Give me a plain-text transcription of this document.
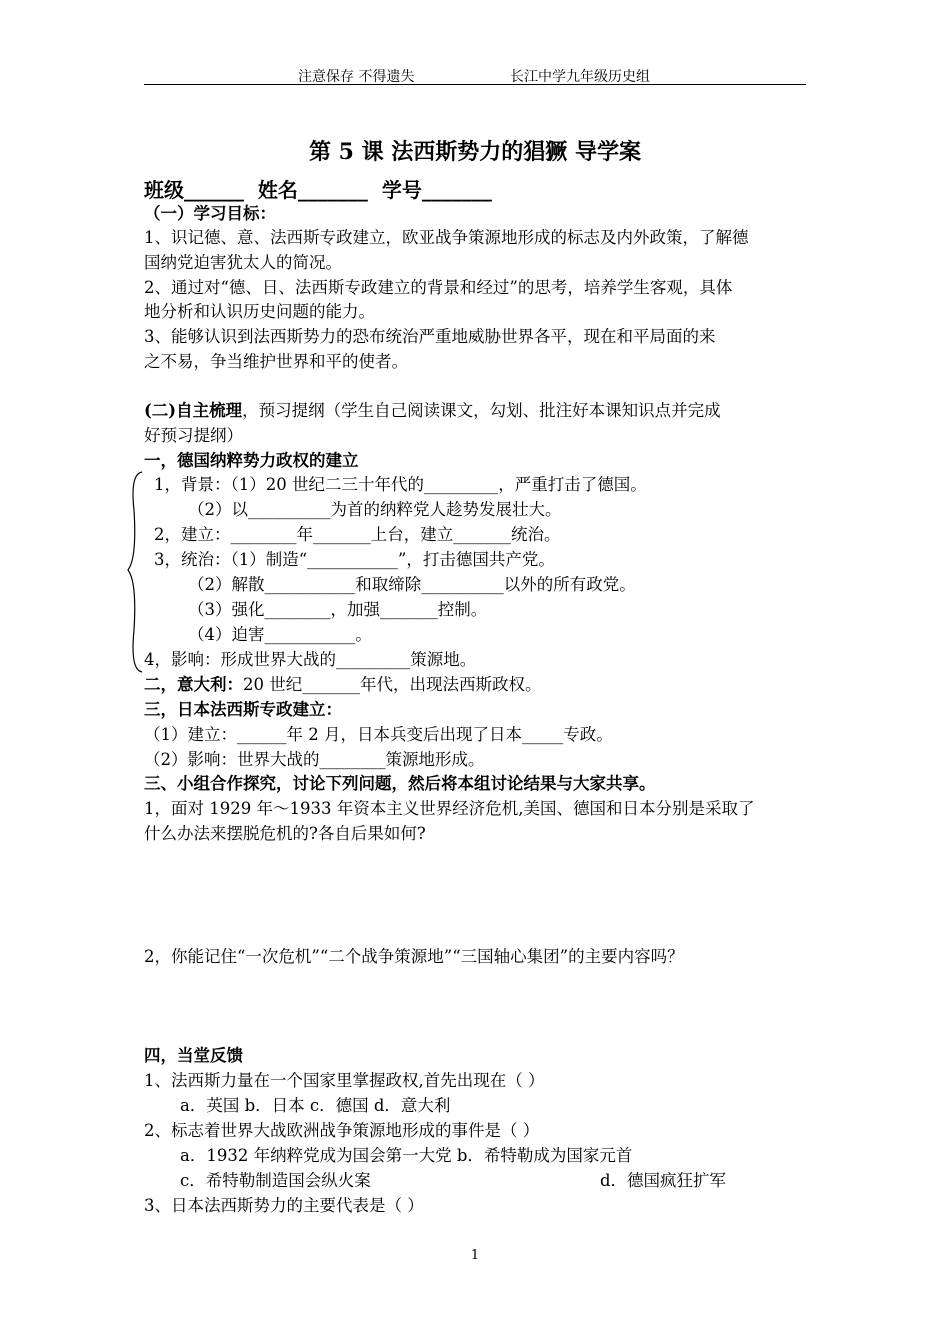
注意保存 不得遗失	长江中学九年级历史组
第 5 课 法西斯势力的猖獗 导学案
班级______  姓名_______  学号_______
（一）学习目标：
1、识记德、意、法西斯专政建立，欧亚战争策源地形成的标志及内外政策，了解德
国纳党迫害犹太人的简况。
2、通过对“德、日、法西斯专政建立的背景和经过”的思考，培养学生客观，具体
地分析和认识历史问题的能力。
3、能够认识到法西斯势力的恐布统治严重地威胁世界各平，现在和平局面的来
之不易，争当维护世界和平的使者。
(二)自主梳理，预习提纲（学生自己阅读课文，勾划、批注好本课知识点并完成
好预习提纲）
一，德国纳粹势力政权的建立
1，背景：（1）20 世纪二三十年代的_________，严重打击了德国。
（2）以__________为首的纳粹党人趁势发展壮大。
2，建立：________年_______上台，建立_______统治。
3，统治：（1）制造“___________”，打击德国共产党。
（2）解散___________和取缔除__________以外的所有政党。
（3）强化________，加强_______控制。
（4）迫害___________。
4，影响：形成世界大战的_________策源地。
二，意大利：20 世纪_______年代，出现法西斯政权。
三，日本法西斯专政建立：
（1）建立：______年 2 月，日本兵变后出现了日本_____专政。
（2）影响：世界大战的________策源地形成。
三、小组合作探究，讨论下列问题，然后将本组讨论结果与大家共享。
1，面对 1929 年～1933 年资本主义世界经济危机,美国、德国和日本分别是采取了
什么办法来摆脱危机的?各自后果如何?
2，你能记住“一次危机”“二个战争策源地”“三国轴心集团”的主要内容吗？
四，当堂反馈
1、法西斯力量在一个国家里掌握政权,首先出现在（ ）
a．英国 b．日本 c．德国 d．意大利
2、标志着世界大战欧洲战争策源地形成的事件是（ ）
a．1932 年纳粹党成为国会第一大党 b．希特勒成为国家元首
c．希特勒制造国会纵火案	d．德国疯狂扩军
3、日本法西斯势力的主要代表是（ ）
1
